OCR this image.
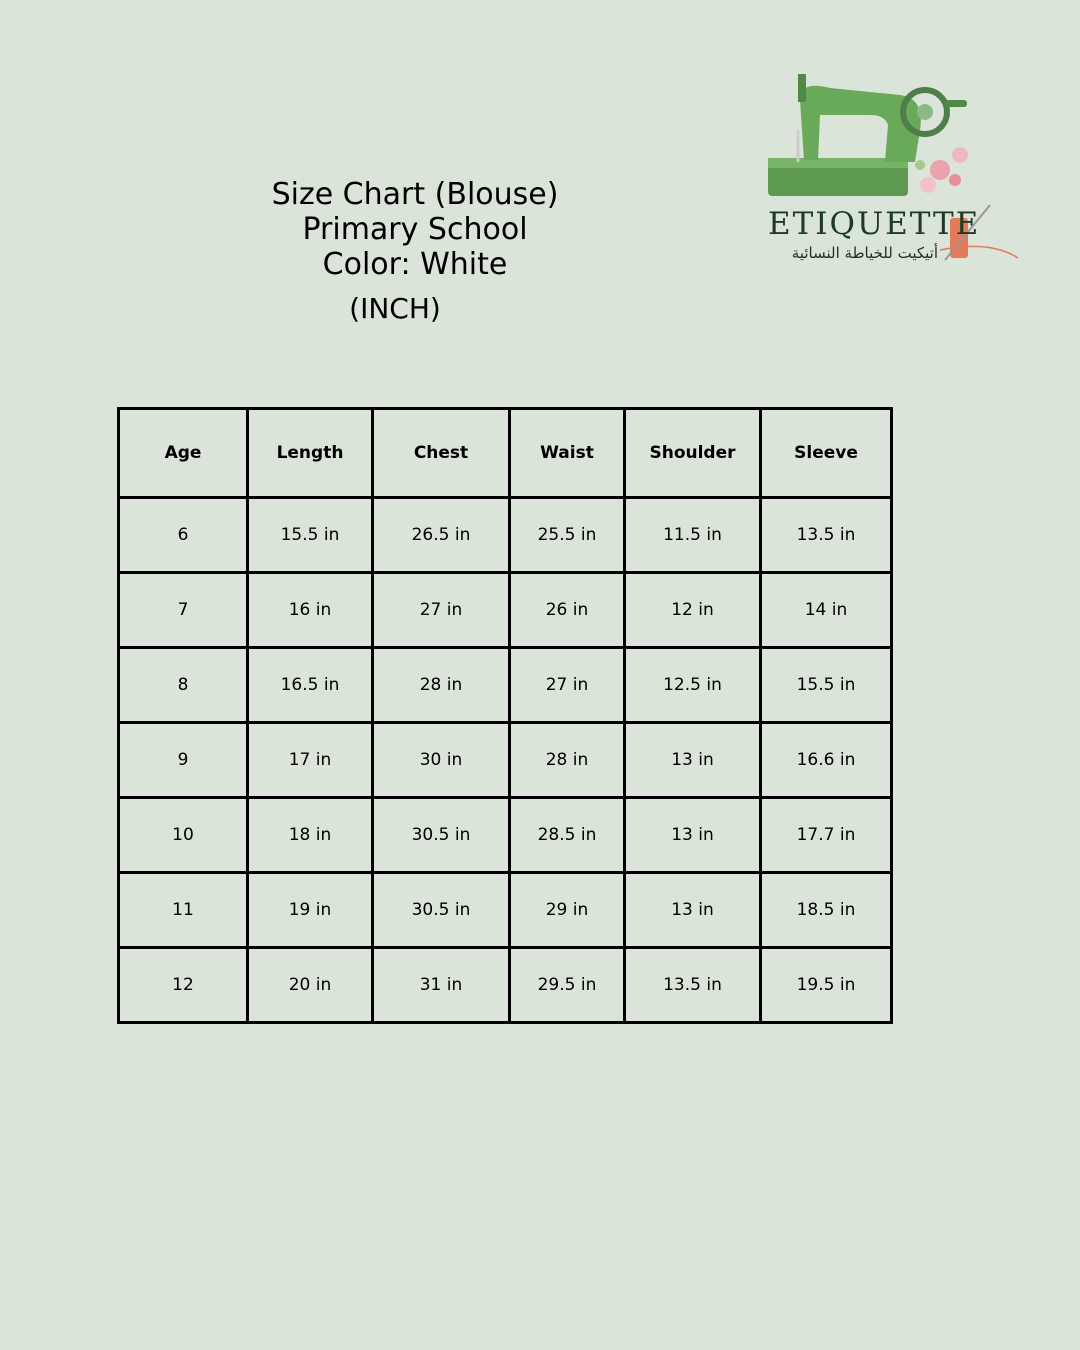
Size Chart (Blouse)
Primary School
Color: White
(INCH)
ETIQUETTE
أتيكيت للخياطة النسائية
Age	Length	Chest	Waist	Shoulder	Sleeve
6	15.5 in	26.5 in	25.5 in	11.5 in	13.5 in
7	16 in	27 in	26 in	12 in	14 in
8	16.5 in	28 in	27 in	12.5 in	15.5 in
9	17 in	30 in	28 in	13 in	16.6 in
10	18 in	30.5 in	28.5 in	13 in	17.7 in
11	19 in	30.5 in	29 in	13 in	18.5 in
12	20 in	31 in	29.5 in	13.5 in	19.5 in
